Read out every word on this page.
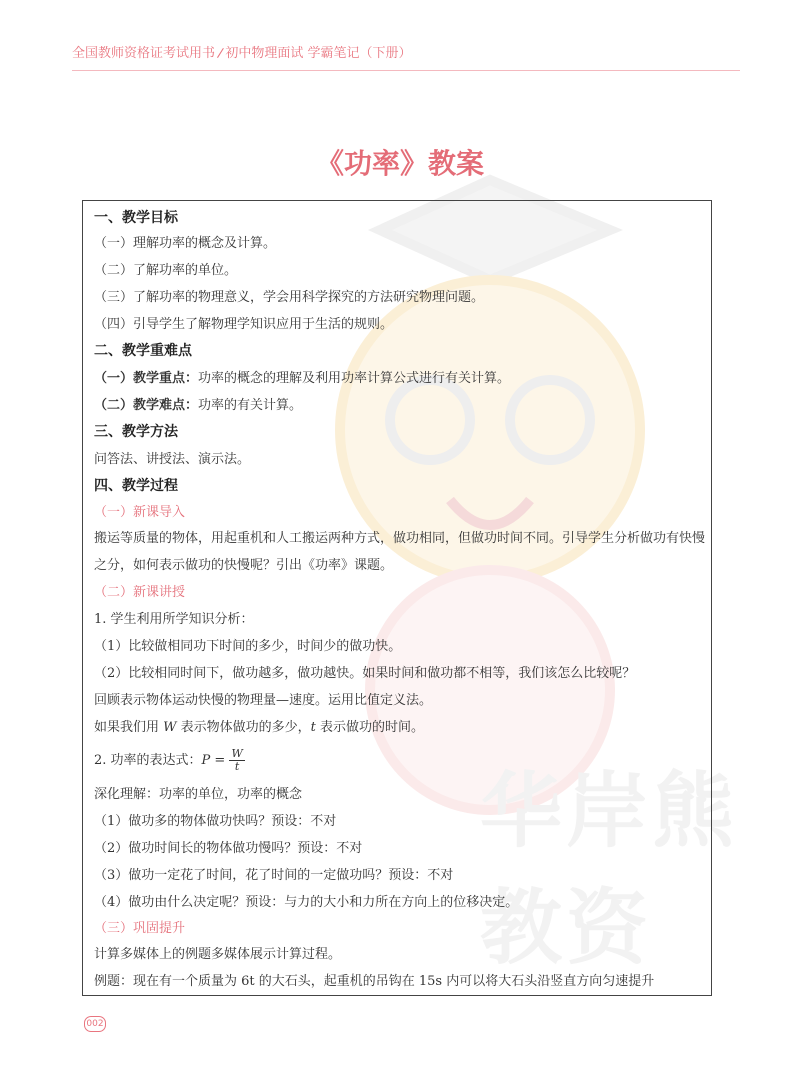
全国教师资格证考试用书/初中物理面试 学霸笔记（下册）
华岸熊教资
《功率》教案

一、教学目标

（一）理解功率的概念及计算。

（二）了解功率的单位。

（三）了解功率的物理意义，学会用科学探究的方法研究物理问题。

（四）引导学生了解物理学知识应用于生活的规则。

二、教学重难点

（一）教学重点：功率的概念的理解及利用功率计算公式进行有关计算。

（二）教学难点：功率的有关计算。

三、教学方法

问答法、讲授法、演示法。

四、教学过程

（一）新课导入

搬运等质量的物体，用起重机和人工搬运两种方式，做功相同，但做功时间不同。引导学生分析做功有快慢之分，如何表示做功的快慢呢？引出《功率》课题。

（二）新课讲授

1. 学生利用所学知识分析：

（1）比较做相同功下时间的多少，时间少的做功快。

（2）比较相同时间下，做功越多，做功越快。如果时间和做功都不相等，我们该怎么比较呢？

回顾表示物体运动快慢的物理量—速度。运用比值定义法。

如果我们用 W 表示物体做功的多少，t 表示做功的时间。

2. 功率的表达式：$P = \frac{W}{t}$

深化理解：功率的单位，功率的概念

（1）做功多的物体做功快吗？预设：不对

（2）做功时间长的物体做功慢吗？预设：不对

（3）做功一定花了时间，花了时间的一定做功吗？预设：不对

（4）做功由什么决定呢？预设：与力的大小和力所在方向上的位移决定。

（三）巩固提升

计算多媒体上的例题多媒体展示计算过程。

例题：现在有一个质量为 6t 的大石头，起重机的吊钩在 15s 内可以将大石头沿竖直方向匀速提升

002
